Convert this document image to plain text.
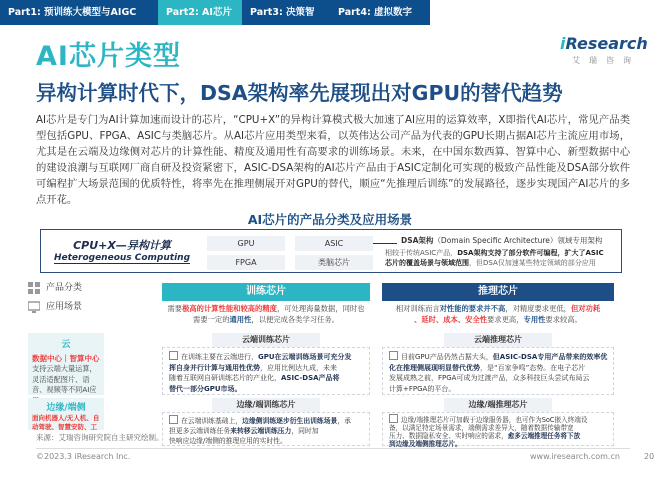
Part1: 预训练大模型与AIGC	Part2: AI芯片	Part3: 决策智能
Part4: 虚拟数字人
AI芯片类型
异构计算时代下，DSA架构率先展现出对GPU的替代趋势
iResearch
艾瑞咨询
AI芯片是专门为AI计算加速而设计的芯片，“CPU+X”的异构计算模式极大加速了AI应用的运算效率，X即指代AI芯片，常见产品类型包括GPU、FPGA、ASIC与类脑芯片。从AI芯片应用类型来看，以英伟达公司产品为代表的GPU长期占据AI芯片主流应用市场，尤其是在云端及边缘侧对芯片的计算性能、精度及通用性有高要求的训练场景。未来，在中国东数西算、智算中心、新型数据中心的建设浪潮与互联网厂商自研及投资紧密下，ASIC-DSA架构的AI芯片产品由于ASIC定制化可实现的极致产品性能及DSA部分软件可编程扩大场景范围的优质特性，将率先在推理侧展开对GPU的替代，顺应“先推理后训练”的发展路径，逐步实现国产AI芯片的多点开花。
AI芯片的产品分类及应用场景
CPU+X—异构计算
Heterogeneous Computing
GPU	ASIC
FPGA	类脑芯片
DSA架构（Domain Specific Architecture）领域专用架构
相较于传统ASIC产品，DSA架构支持了部分软件可编程，扩大了ASIC
芯片的覆盖场景与领域范围，但DSA仅加速某些特定领域的部分应用
产品分类
应用场景
训练芯片
需要极高的计算性能和较高的精度，可处理海量数据，同时也
需要一定的通用性，以便完成各类学习任务。
推理芯片
相对训练而言对性能的要求并不高，对精度要求更低，但对功耗
、延时、成本、安全性要求更高，专用性要求较高。
云
数据中心｜智算中心
支持云端大量运算，灵活适配图片、语音、视频等不同AI应
边缘/端侧
面向机器人/无人机、自动驾驶、智慧安防、工
云端训练芯片
在训练主要在云端进行，GPU在云端训练场景可充分发
挥自身并行计算与通用性优势，应用比例达九成，未来
随着互联网自研训练芯片的产业化，ASIC-DSA产品将
替代一部分GPU市场。
边缘/端训练芯片
在云端训练基础上，边缘侧训练逐步衍生出训练场景，承
担更多云端训练任务来转移云端训练压力，同时加
快响应边缘/端侧的推理应用的实时性。
云端推理芯片
目前GPU产品仍然占据大头，但ASIC-DSA专用产品带来的效率优
化在推理侧展现明显替代优势，是“百家争鸣”态势。在电子芯片
发展成熟之前，FPGA可成为过渡产品，众多科技巨头尝试布局云
计算+FPGA的平台。
边缘/端推理芯片
边缘/端推理芯片可加载于边缘服务器，也可作为SoC嵌入终端设
备，以满足特定场景需求，端侧需求差异大，随着数据传输带宽
压力、数据隐私安全、实时响应的需求，愈多云端推理任务将下放
到边缘及端侧推理芯片。
来源：艾瑞咨询研究院自主研究绘制。
©2023.3 iResearch Inc.	www.iresearch.com.cn	20
